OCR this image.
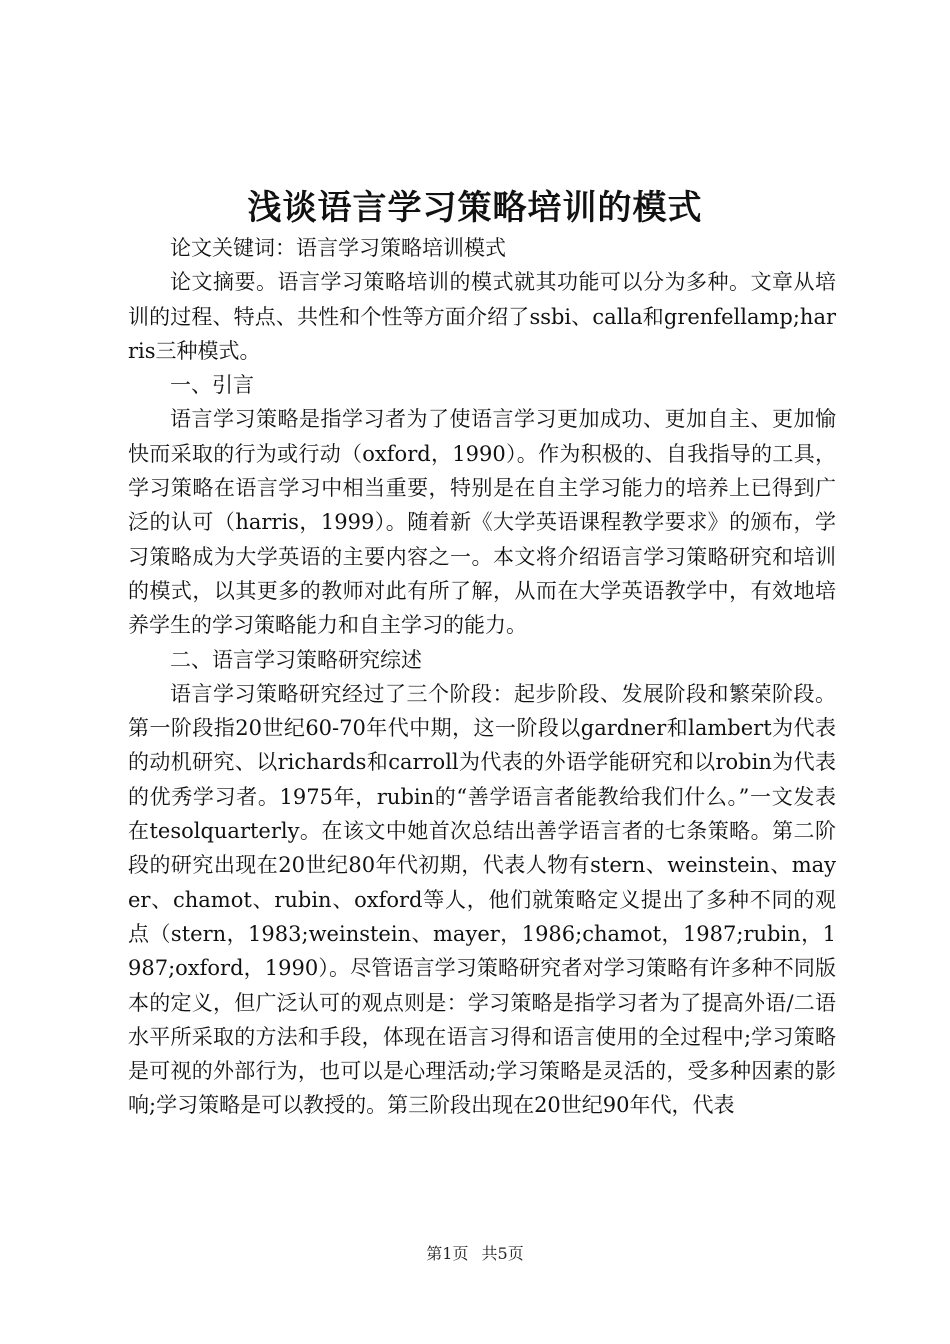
浅谈语言学习策略培训的模式

论文关键词：语言学习策略培训模式

论文摘要。语言学习策略培训的模式就其功能可以分为多种。文章从培训的过程、特点、共性和个性等方面介绍了ssbi、calla和grenfellamp;harris三种模式。

一、引言

语言学习策略是指学习者为了使语言学习更加成功、更加自主、更加愉快而采取的行为或行动（oxford，1990）。作为积极的、自我指导的工具，学习策略在语言学习中相当重要，特别是在自主学习能力的培养上已得到广泛的认可（harris，1999）。随着新《大学英语课程教学要求》的颁布，学习策略成为大学英语的主要内容之一。本文将介绍语言学习策略研究和培训的模式，以其更多的教师对此有所了解，从而在大学英语教学中，有效地培养学生的学习策略能力和自主学习的能力。

二、语言学习策略研究综述

语言学习策略研究经过了三个阶段：起步阶段、发展阶段和繁荣阶段。第一阶段指20世纪60-70年代中期，这一阶段以gardner和lambert为代表的动机研究、以richards和carroll为代表的外语学能研究和以robin为代表的优秀学习者。1975年，rubin的“善学语言者能教给我们什么。”一文发表在tesolquarterly。在该文中她首次总结出善学语言者的七条策略。第二阶段的研究出现在20世纪80年代初期，代表人物有stern、weinstein、mayer、chamot、rubin、oxford等人，他们就策略定义提出了多种不同的观点（stern，1983;weinstein、mayer，1986;chamot，1987;rubin，1987;oxford，1990）。尽管语言学习策略研究者对学习策略有许多种不同版本的定义，但广泛认可的观点则是：学习策略是指学习者为了提高外语/二语水平所采取的方法和手段，体现在语言习得和语言使用的全过程中;学习策略是可视的外部行为，也可以是心理活动;学习策略是灵活的，受多种因素的影响;学习策略是可以教授的。第三阶段出现在20世纪90年代，代表

第1页 共5页
